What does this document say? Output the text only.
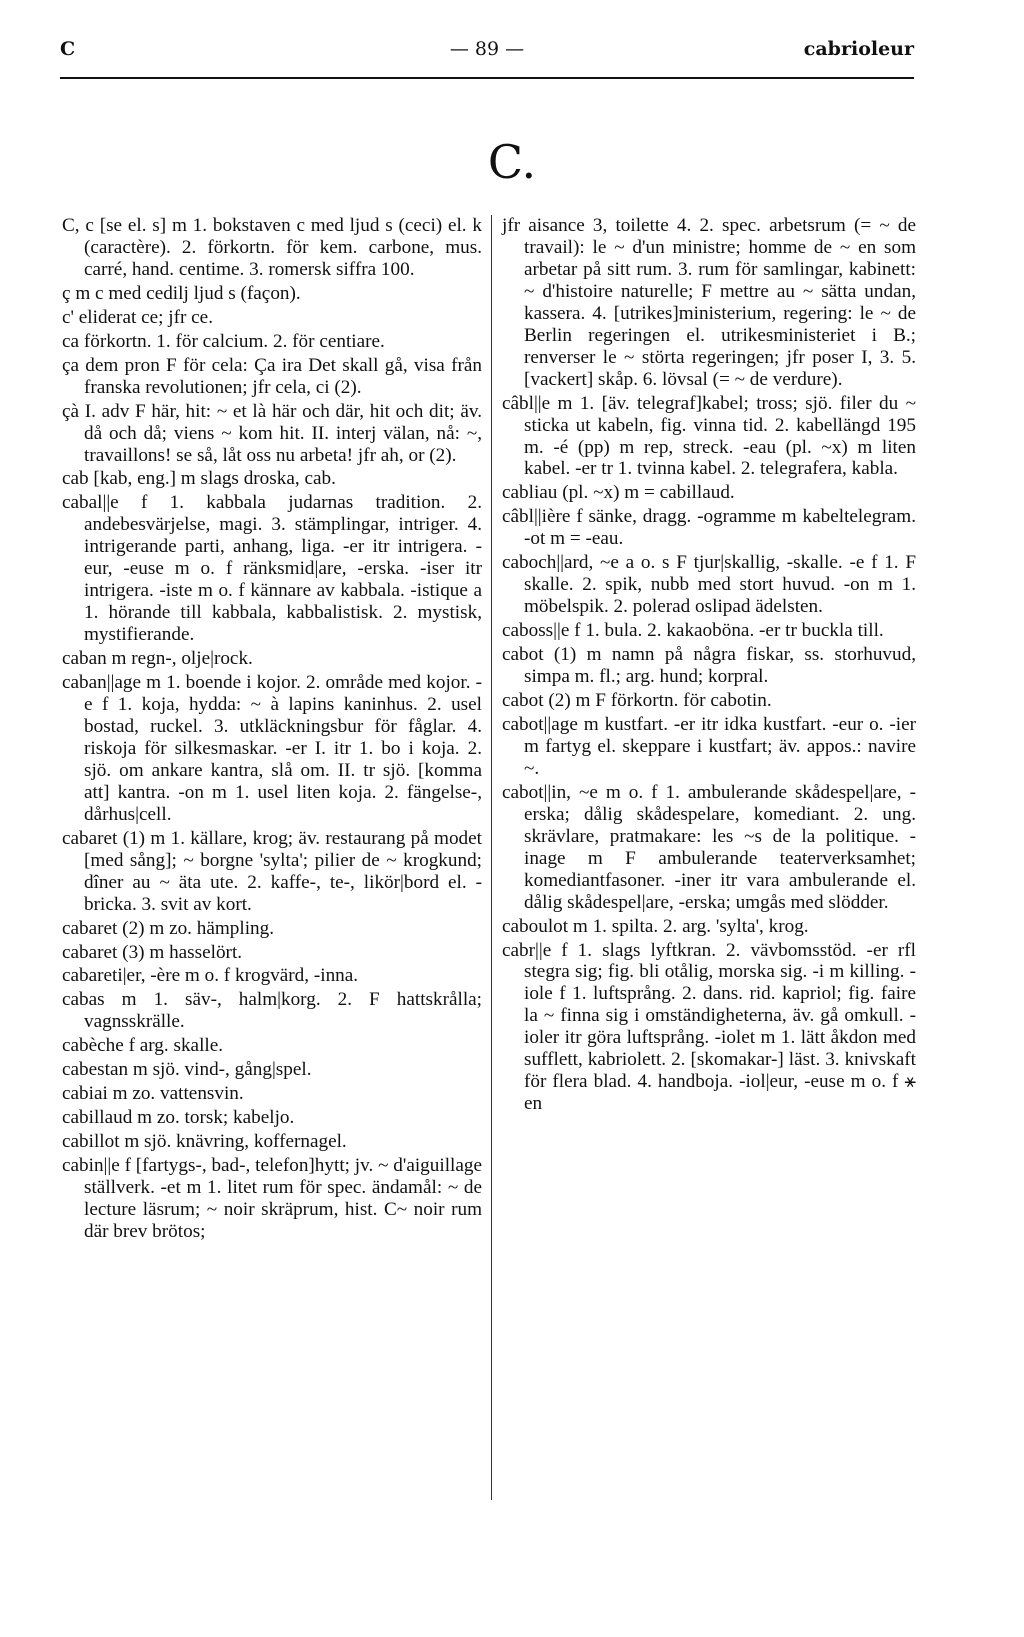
C	— 89 —	cabrioleur
C.
C, c [se el. s] m 1. bokstaven c med ljud s (ceci) el. k (caractère). 2. förkortn. för kem. carbone, mus. carré, hand. centime. 3. romersk siffra 100.
ç m c med cedilj ljud s (façon).
c' eliderat ce; jfr ce.
ca förkortn. 1. för calcium. 2. för centiare.
ça dem pron F för cela: Ça ira Det skall gå, visa från franska revolutionen; jfr cela, ci (2).
çà I. adv F här, hit: ~ et là här och där, hit och dit; äv. då och då; viens ~ kom hit. II. interj välan, nå: ~, travaillons! se så, låt oss nu arbeta! jfr ah, or (2).
cab [kab, eng.] m slags droska, cab.
cabal||e f 1. kabbala judarnas tradition. 2. andebesvärjelse, magi. 3. stämplingar, intriger. 4. intrigerande parti, anhang, liga. -er itr intrigera. -eur, -euse m o. f ränksmid|are, -erska. -iser itr intrigera. -iste m o. f kännare av kabbala. -istique a 1. hörande till kabbala, kabbalistisk. 2. mystisk, mystifierande.
caban m regn-, olje|rock.
caban||age m 1. boende i kojor. 2. område med kojor. -e f 1. koja, hydda: ~ à lapins kaninhus. 2. usel bostad, ruckel. 3. utkläckningsbur för fåglar. 4. riskoja för silkesmaskar. -er I. itr 1. bo i koja. 2. sjö. om ankare kantra, slå om. II. tr sjö. [komma att] kantra. -on m 1. usel liten koja. 2. fängelse-, dårhus|cell.
cabaret (1) m 1. källare, krog; äv. restaurang på modet [med sång]; ~ borgne 'sylta'; pilier de ~ krogkund; dîner au ~ äta ute. 2. kaffe-, te-, likör|bord el. -bricka. 3. svit av kort.
cabaret (2) m zo. hämpling.
cabaret (3) m hasselört.
cabareti|er, -ère m o. f krogvärd, -inna.
cabas m 1. säv-, halm|korg. 2. F hattskrålla; vagnsskrälle.
cabèche f arg. skalle.
cabestan m sjö. vind-, gång|spel.
cabiai m zo. vattensvin.
cabillaud m zo. torsk; kabeljo.
cabillot m sjö. knävring, koffernagel.
cabin||e f [fartygs-, bad-, telefon]hytt; jv. ~ d'aiguillage ställverk. -et m 1. litet rum för spec. ändamål: ~ de lecture läsrum; ~ noir skräprum, hist. C~ noir rum där brev brötos;
jfr aisance 3, toilette 4. 2. spec. arbetsrum (= ~ de travail): le ~ d'un ministre; homme de ~ en som arbetar på sitt rum. 3. rum för samlingar, kabinett: ~ d'histoire naturelle; F mettre au ~ sätta undan, kassera. 4. [utrikes]ministerium, regering: le ~ de Berlin regeringen el. utrikesministeriet i B.; renverser le ~ störta regeringen; jfr poser I, 3. 5. [vackert] skåp. 6. lövsal (= ~ de verdure).
câbl||e m 1. [äv. telegraf]kabel; tross; sjö. filer du ~ sticka ut kabeln, fig. vinna tid. 2. kabellängd 195 m. -é (pp) m rep, streck. -eau (pl. ~x) m liten kabel. -er tr 1. tvinna kabel. 2. telegrafera, kabla.
cabliau (pl. ~x) m = cabillaud.
câbl||ière f sänke, dragg. -ogramme m kabeltelegram. -ot m = -eau.
caboch||ard, ~e a o. s F tjur|skallig, -skalle. -e f 1. F skalle. 2. spik, nubb med stort huvud. -on m 1. möbelspik. 2. polerad oslipad ädelsten.
caboss||e f 1. bula. 2. kakaoböna. -er tr buckla till.
cabot (1) m namn på några fiskar, ss. storhuvud, simpa m. fl.; arg. hund; korpral.
cabot (2) m F förkortn. för cabotin.
cabot||age m kustfart. -er itr idka kustfart. -eur o. -ier m fartyg el. skeppare i kustfart; äv. appos.: navire ~.
cabot||in, ~e m o. f 1. ambulerande skådespel|are, -erska; dålig skådespelare, komediant. 2. ung. skrävlare, pratmakare: les ~s de la politique. -inage m F ambulerande teaterverksamhet; komediantfasoner. -iner itr vara ambulerande el. dålig skådespel|are, -erska; umgås med slödder.
caboulot m 1. spilta. 2. arg. 'sylta', krog.
cabr||e f 1. slags lyftkran. 2. vävbomsstöd. -er rfl stegra sig; fig. bli otålig, morska sig. -i m killing. -iole f 1. luftsprång. 2. dans. rid. kapriol; fig. faire la ~ finna sig i omständigheterna, äv. gå omkull. -ioler itr göra luftsprång. -iolet m 1. lätt åkdon med sufflett, kabriolett. 2. [skomakar-] läst. 3. knivskaft för flera blad. 4. handboja. -iol|eur, -euse m o. f ⚹ en
